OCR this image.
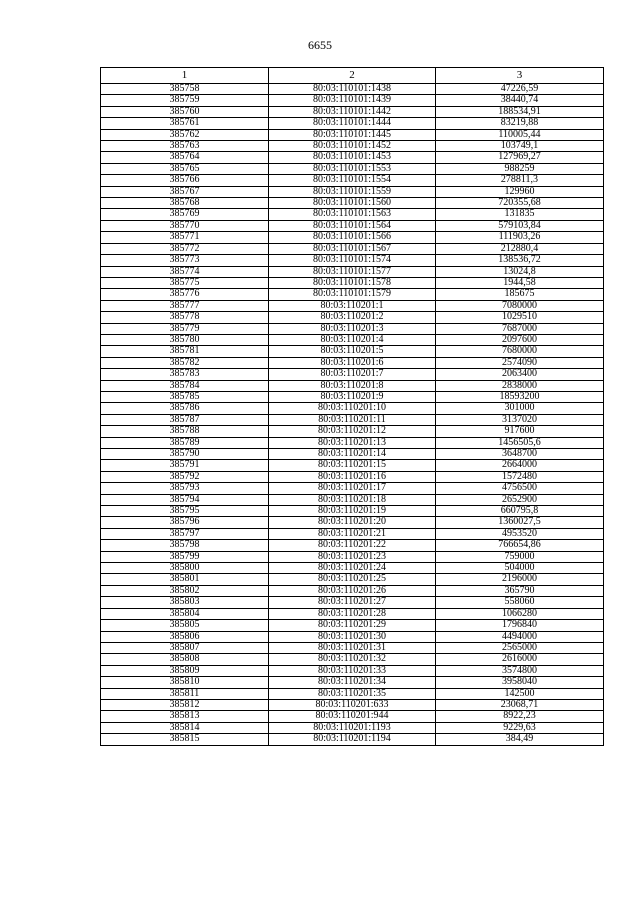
6655
1	2	3
385758	80:03:110101:1438	47226,59
385759	80:03:110101:1439	38440,74
385760	80:03:110101:1442	188534,91
385761	80:03:110101:1444	83219,88
385762	80:03:110101:1445	110005,44
385763	80:03:110101:1452	103749,1
385764	80:03:110101:1453	127969,27
385765	80:03:110101:1553	988259
385766	80:03:110101:1554	278811,3
385767	80:03:110101:1559	129960
385768	80:03:110101:1560	720355,68
385769	80:03:110101:1563	131835
385770	80:03:110101:1564	579103,84
385771	80:03:110101:1566	111903,26
385772	80:03:110101:1567	212880,4
385773	80:03:110101:1574	138536,72
385774	80:03:110101:1577	13024,8
385775	80:03:110101:1578	1944,58
385776	80:03:110101:1579	185675
385777	80:03:110201:1	7080000
385778	80:03:110201:2	1029510
385779	80:03:110201:3	7687000
385780	80:03:110201:4	2097600
385781	80:03:110201:5	7680000
385782	80:03:110201:6	2574090
385783	80:03:110201:7	2063400
385784	80:03:110201:8	2838000
385785	80:03:110201:9	18593200
385786	80:03:110201:10	301000
385787	80:03:110201:11	3137020
385788	80:03:110201:12	917600
385789	80:03:110201:13	1456505,6
385790	80:03:110201:14	3648700
385791	80:03:110201:15	2664000
385792	80:03:110201:16	1572480
385793	80:03:110201:17	4756500
385794	80:03:110201:18	2652900
385795	80:03:110201:19	660795,8
385796	80:03:110201:20	1360027,5
385797	80:03:110201:21	4953520
385798	80:03:110201:22	766654,86
385799	80:03:110201:23	759000
385800	80:03:110201:24	504000
385801	80:03:110201:25	2196000
385802	80:03:110201:26	365790
385803	80:03:110201:27	558060
385804	80:03:110201:28	1066280
385805	80:03:110201:29	1796840
385806	80:03:110201:30	4494000
385807	80:03:110201:31	2565000
385808	80:03:110201:32	2616000
385809	80:03:110201:33	3574800
385810	80:03:110201:34	3958040
385811	80:03:110201:35	142500
385812	80:03:110201:633	23068,71
385813	80:03:110201:944	8922,23
385814	80:03:110201:1193	9229,63
385815	80:03:110201:1194	384,49
